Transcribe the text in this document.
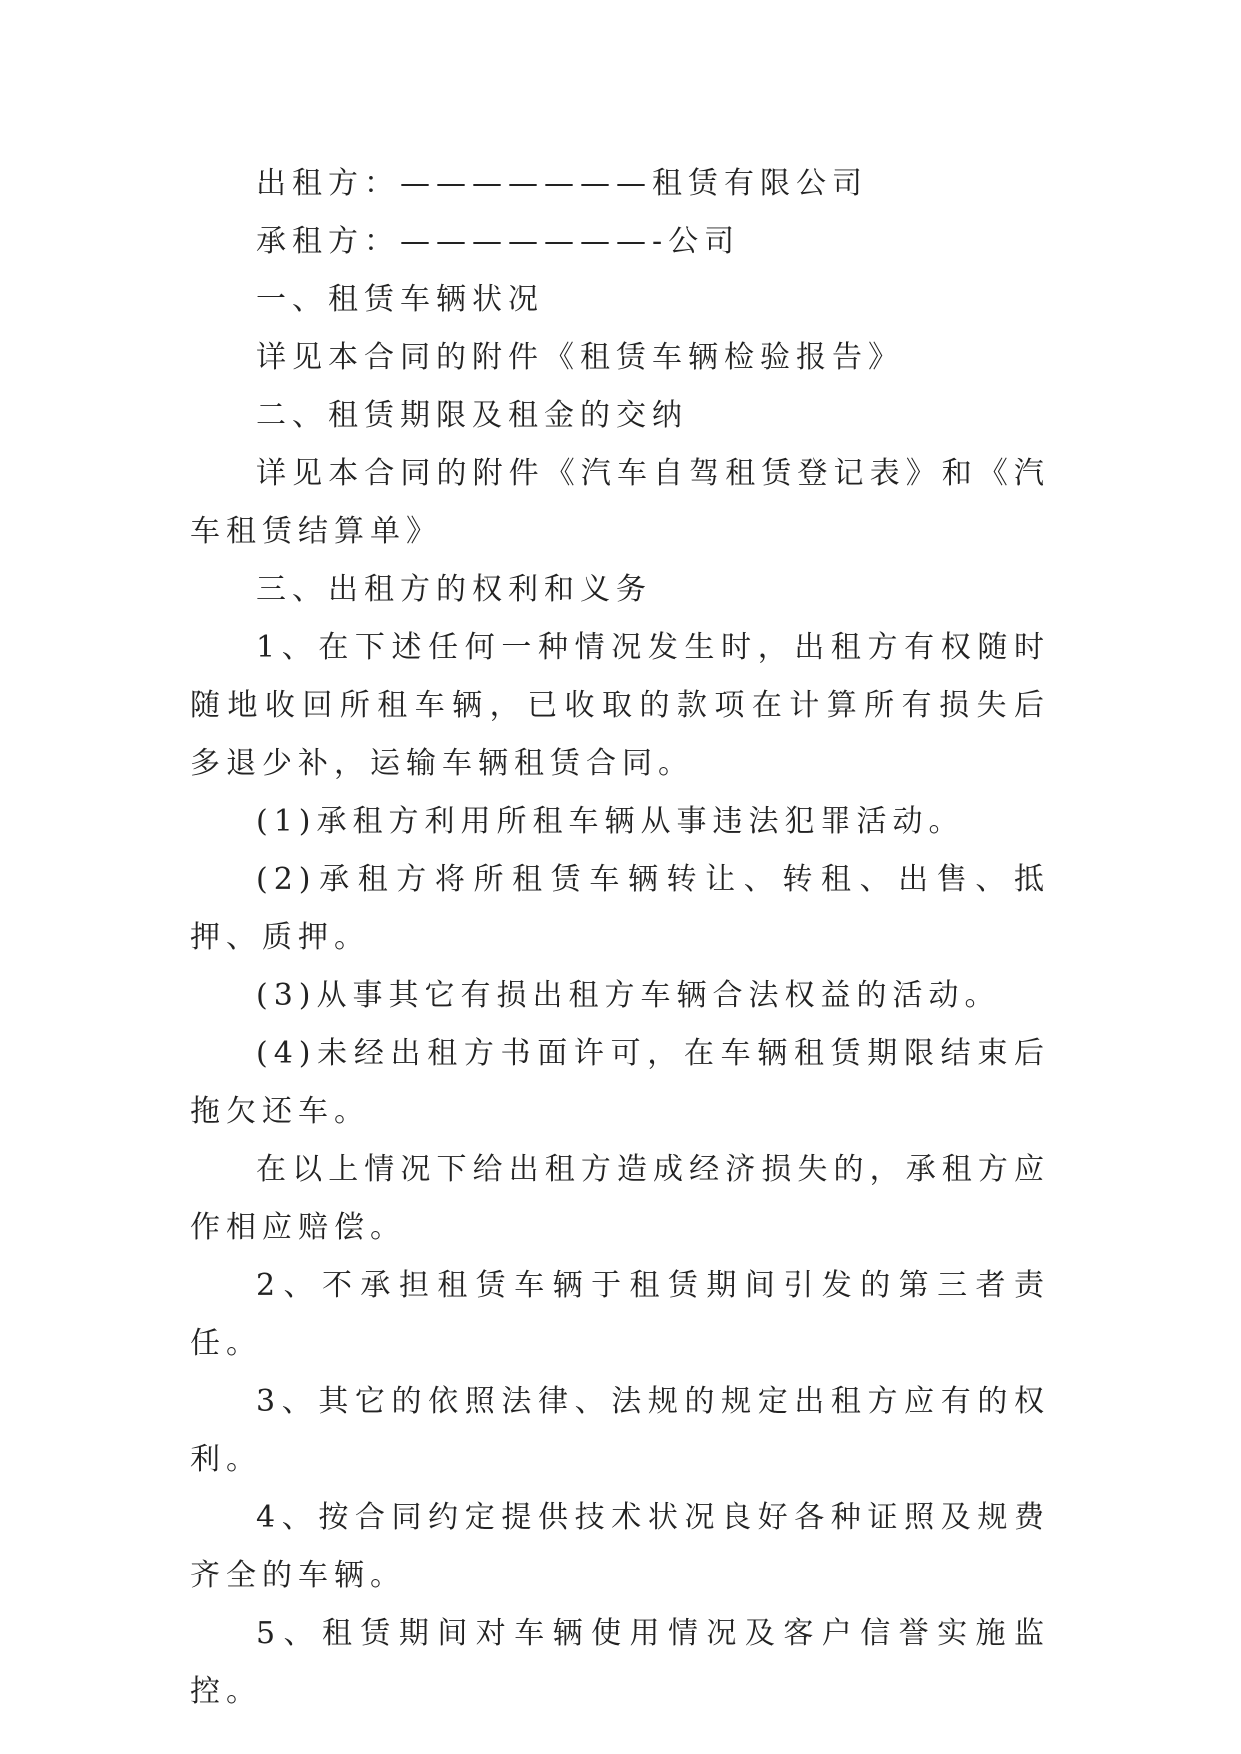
出租方：———————租赁有限公司

承租方：———————-公司

一、租赁车辆状况

详见本合同的附件《租赁车辆检验报告》

二、租赁期限及租金的交纳

详见本合同的附件《汽车自驾租赁登记表》和《汽车租赁结算单》

三、出租方的权利和义务

1、在下述任何一种情况发生时，出租方有权随时随地收回所租车辆，已收取的款项在计算所有损失后多退少补，运输车辆租赁合同。

(1)承租方利用所租车辆从事违法犯罪活动。

(2)承租方将所租赁车辆转让、转租、出售、抵押、质押。

(3)从事其它有损出租方车辆合法权益的活动。

(4)未经出租方书面许可，在车辆租赁期限结束后拖欠还车。

在以上情况下给出租方造成经济损失的，承租方应作相应赔偿。

2、不承担租赁车辆于租赁期间引发的第三者责任。

3、其它的依照法律、法规的规定出租方应有的权利。

4、按合同约定提供技术状况良好各种证照及规费齐全的车辆。

5、租赁期间对车辆使用情况及客户信誉实施监控。
